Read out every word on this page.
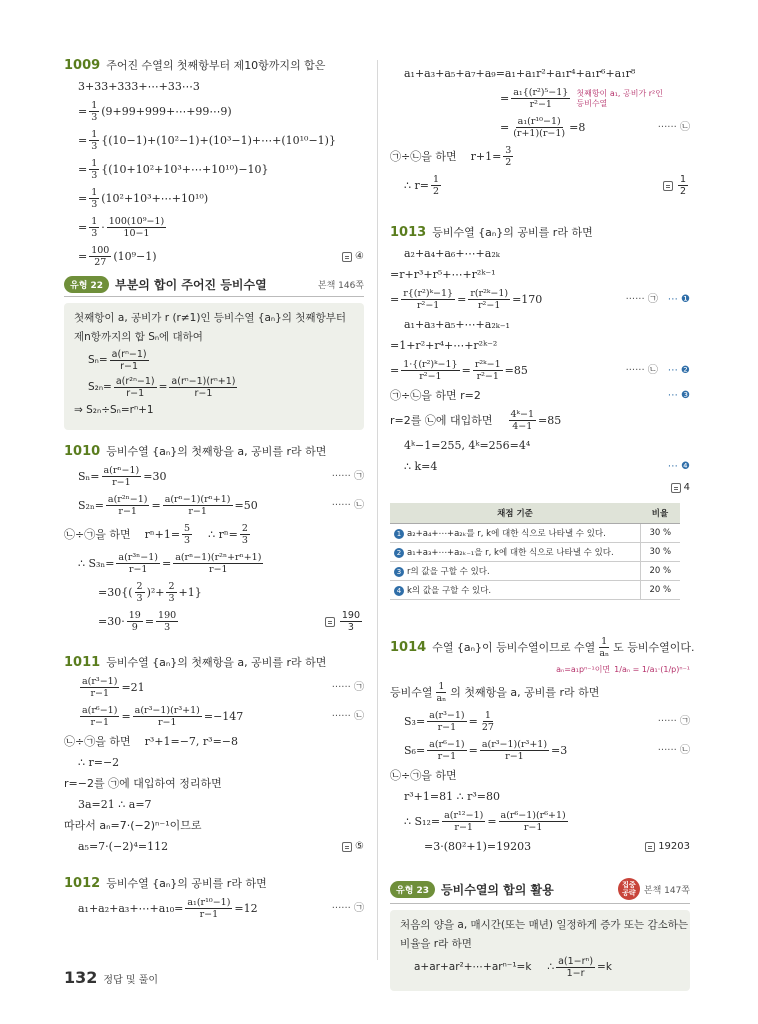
1009 주어진 수열의 첫째항부터 제10항까지의 합은
3+33+333+⋯+33⋯3
= $\frac{1}{3}$ (9+99+999+⋯+99⋯9)
= $\frac{1}{3}$ {(10−1)+(10²−1)+(10³−1)+⋯+(10¹⁰−1)}
= $\frac{1}{3}$ {(10+10²+10³+⋯+10¹⁰)−10}
= $\frac{1}{3}$ (10²+10³+⋯+10¹⁰)
= $\frac{1}{3} \cdot \frac{\text{100(10⁹−1)}}{10-1}$
= $\frac{100}{27} (10^9-1)$	④
유형 22	부분의 합이 주어진 등비수열	본책 146쪽
첫째항이 a, 공비가 r (r≠1)인 등비수열 {aₙ}의 첫째항부터
제n항까지의 합 Sₙ에 대하여
$S_n= \frac{\text{a(rⁿ−1)}}{r-1}$
$S_{2n}= \frac{\text{a(r²ⁿ−1)}}{r-1} = \frac{\text{a(rⁿ−1)(rⁿ+1)}}{r-1}$
⇒ S₂ₙ÷Sₙ=rⁿ+1
1010 등비수열 {aₙ}의 첫째항을 a, 공비를 r라 하면
$S_n= \frac{\text{a(rⁿ−1)}}{r-1} =30$	······ ㉠
$S_{2n}= \frac{\text{a(r²ⁿ−1)}}{r-1} = \frac{\text{a(rⁿ−1)(rⁿ+1)}}{r-1} =50$	······ ㉡
㉡÷㉠을 하면 $r^n+1= \frac{5}{3}$ ∴ $r^n= \frac{2}{3}$
∴ $S_{3n}= \frac{\text{a(r³ⁿ−1)}}{r-1} = \frac{\text{a(rⁿ−1)(r²ⁿ+rⁿ+1)}}{r-1}$
$=30\{( \frac{2}{3} )^2+ \frac{2}{3} +1\}$
$=30\cdot \frac{19}{9} = \frac{190}{3}$	$\frac{190}{3}$
1011 등비수열 {aₙ}의 첫째항을 a, 공비를 r라 하면
$\frac{\text{a(r³−1)}}{r-1} =21$	······ ㉠
$\frac{\text{a(r⁶−1)}}{r-1} = \frac{\text{a(r³−1)(r³+1)}}{r-1} =-147$	······ ㉡
㉡÷㉠을 하면 r³+1=−7, r³=−8
∴ r=−2
r=−2를 ㉠에 대입하여 정리하면
3a=21 ∴ a=7
따라서 aₙ=7·(−2)ⁿ⁻¹이므로
a₅=7·(−2)⁴=112	⑤
1012 등비수열 {aₙ}의 공비를 r라 하면
a₁+a₂+a₃+⋯+a₁₀= $\frac{\text{a₁(r¹⁰−1)}}{r-1} =12$	······ ㉠
a₁+a₃+a₅+a₇+a₉=a₁+a₁r²+a₁r⁴+a₁r⁶+a₁r⁸
= $\frac{\text{a₁\{(r²)⁵−1\}}}{\text{r²−1}}$ 첫째항이 a₁, 공비가 r²인
등비수열
= $\frac{\text{a₁(r¹⁰−1)}}{(r+1)(r-1)} =8$	······ ㉡
㉠÷㉡을 하면 $r+1= \frac{3}{2}$
∴ $r= \frac{1}{2}$	$\frac{1}{2}$
1013 등비수열 {aₙ}의 공비를 r라 하면
a₂+a₄+a₆+⋯+a₂ₖ
=r+r³+r⁵+⋯+r²ᵏ⁻¹
= $\frac{\text{r\{(r²)ᵏ−1\}}}{\text{r²−1}} = \frac{\text{r(r²ᵏ−1)}}{\text{r²−1}} =170$	······ ㉠ ⋯ ❶
a₁+a₃+a₅+⋯+a₂ₖ₋₁
=1+r²+r⁴+⋯+r²ᵏ⁻²
= $\frac{\text{1·\{(r²)ᵏ−1\}}}{\text{r²−1}} = \frac{\text{r²ᵏ−1}}{\text{r²−1}} =85$	······ ㉡ ⋯ ❷
㉠÷㉡을 하면 r=2	⋯ ❸
r=2를 ㉡에 대입하면 $\frac{\text{4ᵏ−1}}{4-1} =85$
4ᵏ−1=255, 4ᵏ=256=4⁴
∴ k=4	⋯ ❹
4
채점 기준	비율
1 a₂+a₄+⋯+a₂ₖ를 r, k에 대한 식으로 나타낼 수 있다.	30 %
2 a₁+a₃+⋯+a₂ₖ₋₁을 r, k에 대한 식으로 나타낼 수 있다.	30 %
3 r의 값을 구할 수 있다.	20 %
4 k의 값을 구할 수 있다.	20 %
1014 수열 {aₙ}이 등비수열이므로 수열 $\frac{1}{\text{aₙ}}$ 도 등비수열이다.
aₙ=a₁pⁿ⁻¹이면 1/aₙ = 1/a₁·(1/p)ⁿ⁻¹
등비수열 $\frac{1}{\text{aₙ}}$ 의 첫째항을 a, 공비를 r라 하면
$S_3= \frac{\text{a(r³−1)}}{r-1} = \frac{1}{27}$	······ ㉠
$S_6= \frac{\text{a(r⁶−1)}}{r-1} = \frac{\text{a(r³−1)(r³+1)}}{r-1} =3$	······ ㉡
㉡÷㉠을 하면
r³+1=81 ∴ r³=80
∴ $S_{12}= \frac{\text{a(r¹²−1)}}{r-1} = \frac{\text{a(r⁶−1)(r⁶+1)}}{r-1}$
=3·(80²+1)=19203	19203
유형 23	등비수열의 합의 활용	집중 공략 본책 147쪽
처음의 양을 a, 매시간(또는 매년) 일정하게 증가 또는 감소하는
비율을 r라 하면
a+ar+ar²+⋯+arⁿ⁻¹=k ∴ $\frac{\text{a(1−rⁿ)}}{1-r} =k$
132 정답 및 풀이
